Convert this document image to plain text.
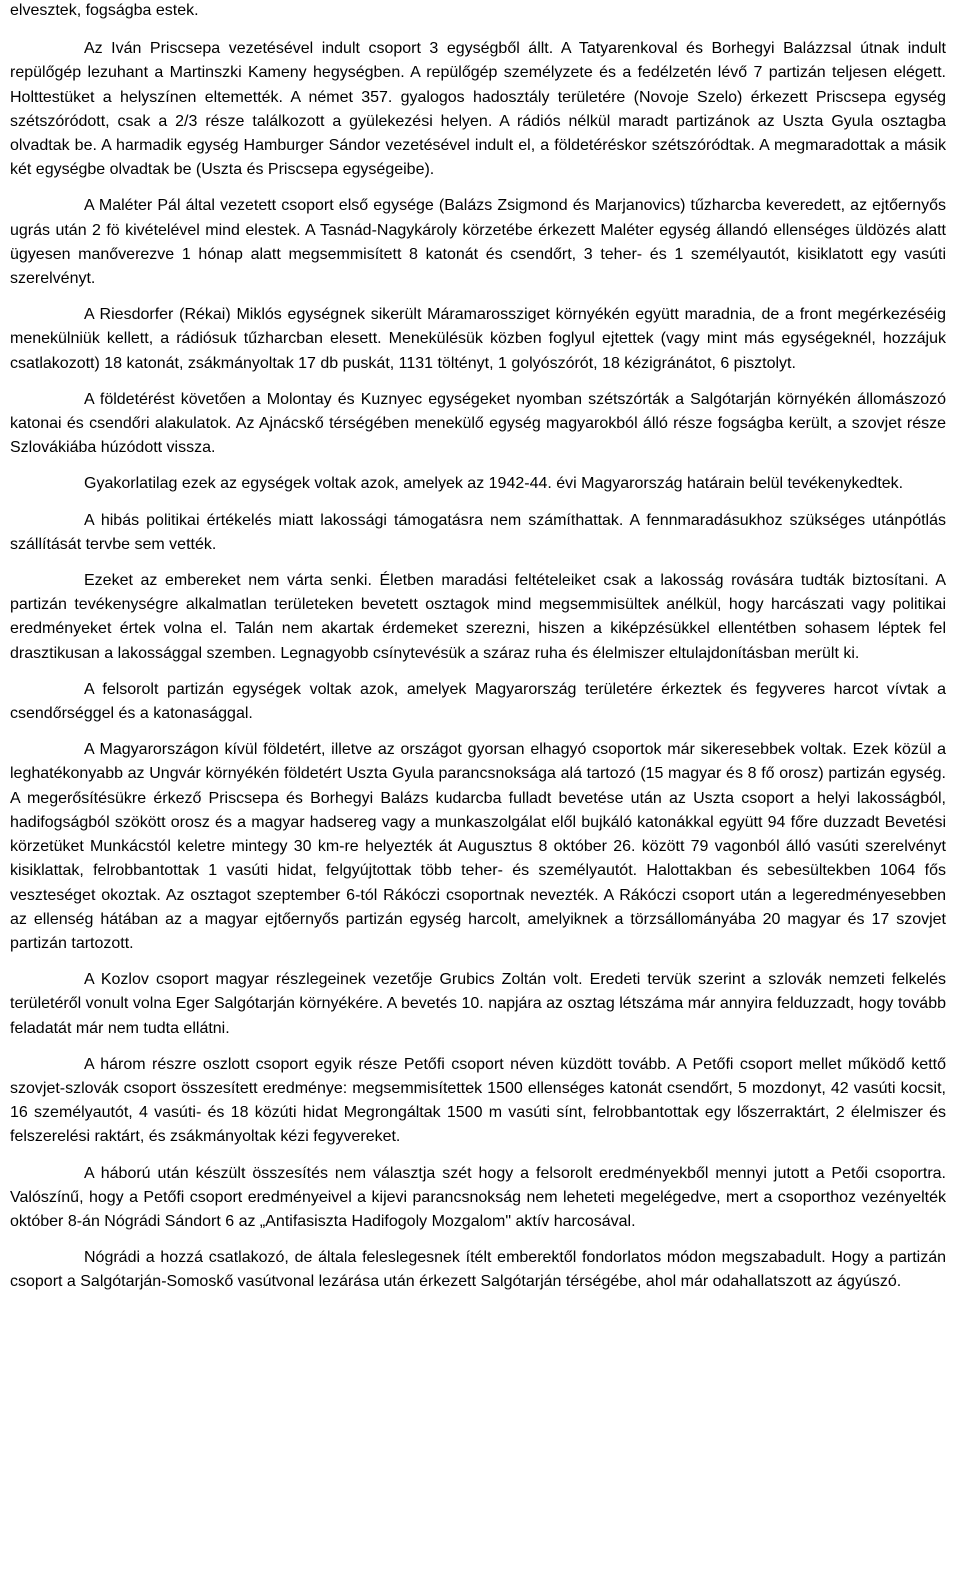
elvesztek, fogságba estek.

Az Iván Priscsepa vezetésével indult csoport 3 egységből állt. A Tatyarenkoval és Borhegyi Balázzsal útnak indult repülőgép lezuhant a Martinszki Kameny hegységben. A repülőgép személyzete és a fedélzetén lévő 7 partizán teljesen elégett. Holttestüket a helyszínen eltemették. A német 357. gyalogos hadosztály területére (Novoje Szelo) érkezett Priscsepa egység szétszóródott, csak a 2/3 része találkozott a gyülekezési helyen. A rádiós nélkül maradt partizánok az Uszta Gyula osztagba olvadtak be. A harmadik egység Hamburger Sándor vezetésével indult el, a földetéréskor szétszóródtak. A megmaradottak a másik két egységbe olvadtak be (Uszta és Priscsepa egységeibe).

A Maléter Pál által vezetett csoport első egysége (Balázs Zsigmond és Marjanovics) tűzharcba keveredett, az ejtőernyős ugrás után 2 fö kivételével mind elestek. A Tasnád-Nagykároly körzetébe érkezett Maléter egység állandó ellenséges üldözés alatt ügyesen manőverezve 1 hónap alatt megsemmisített 8 katonát és csendőrt, 3 teher- és 1 személyautót, kisiklatott egy vasúti szerelvényt.

A Riesdorfer (Rékai) Miklós egységnek sikerült Máramarossziget környékén együtt maradnia, de a front megérkezéséig menekülniük kellett, a rádiósuk tűzharcban elesett. Menekülésük közben foglyul ejtettek (vagy mint más egységeknél, hozzájuk csatlakozott) 18 katonát, zsákmányoltak 17 db puskát, 1131 töltényt, 1 golyószórót, 18 kézigránátot, 6 pisztolyt.

A földetérést követően a Molontay és Kuznyec egységeket nyomban szétszórták a Salgótarján környékén állomászozó katonai és csendőri alakulatok. Az Ajnácskő térségében menekülő egység magyarokból álló része fogságba került, a szovjet része Szlovákiába húzódott vissza.

Gyakorlatilag ezek az egységek voltak azok, amelyek az 1942-44. évi Magyarország határain belül tevékenykedtek.

A hibás politikai értékelés miatt lakossági támogatásra nem számíthattak. A fennmaradásukhoz szükséges utánpótlás szállítását tervbe sem vették.

Ezeket az embereket nem várta senki. Életben maradási feltételeiket csak a lakosság rovására tudták biztosítani. A partizán tevékenységre alkalmatlan területeken bevetett osztagok mind megsemmisültek anélkül, hogy harcászati vagy politikai eredményeket értek volna el. Talán nem akartak érdemeket szerezni, hiszen a kiképzésükkel ellentétben sohasem léptek fel drasztikusan a lakossággal szemben. Legnagyobb csínytevésük a száraz ruha és élelmiszer eltulajdonításban merült ki.

A felsorolt partizán egységek voltak azok, amelyek Magyarország területére érkeztek és fegyveres harcot vívtak a csendőrséggel és a katonasággal.

A Magyarországon kívül földetért, illetve az országot gyorsan elhagyó csoportok már sikeresebbek voltak. Ezek közül a leghatékonyabb az Ungvár környékén földetért Uszta Gyula parancsnoksága alá tartozó (15 magyar és 8 fő orosz) partizán egység. A megerősítésükre érkező Priscsepa és Borhegyi Balázs kudarcba fulladt bevetése után az Uszta csoport a helyi lakosságból, hadifogságból szökött orosz és a magyar hadsereg vagy a munkaszolgálat elől bujkáló katonákkal együtt 94 főre duzzadt Bevetési körzetüket Munkácstól keletre mintegy 30 km-re helyezték át Augusztus 8 október 26. között 79 vagonból álló vasúti szerelvényt kisiklattak, felrobbantottak 1 vasúti hidat, felgyújtottak több teher- és személyautót. Halottakban és sebesültekben 1064 fős veszteséget okoztak. Az osztagot szeptember 6-tól Rákóczi csoportnak nevezték. A Rákóczi csoport után a legeredményesebben az ellenség hátában az a magyar ejtőernyős partizán egység harcolt, amelyiknek a törzsállományába 20 magyar és 17 szovjet partizán tartozott.

A Kozlov csoport magyar részlegeinek vezetője Grubics Zoltán volt. Eredeti tervük szerint a szlovák nemzeti felkelés területéről vonult volna Eger Salgótarján környékére. A bevetés 10. napjára az osztag létszáma már annyira felduzzadt, hogy tovább feladatát már nem tudta ellátni.

A három részre oszlott csoport egyik része Petőfi csoport néven küzdött tovább. A Petőfi csoport mellet működő kettő szovjet-szlovák csoport összesített eredménye: megsemmisítettek 1500 ellenséges katonát csendőrt, 5 mozdonyt, 42 vasúti kocsit, 16 személyautót, 4 vasúti- és 18 közúti hidat Megrongáltak 1500 m vasúti sínt, felrobbantottak egy lőszerraktárt, 2 élelmiszer és felszerelési raktárt, és zsákmányoltak kézi fegyvereket.

A háború után készült összesítés nem választja szét hogy a felsorolt eredményekből mennyi jutott a Petői csoportra. Valószínű, hogy a Petőfi csoport eredményeivel a kijevi parancsnokság nem leheteti megelégedve, mert a csoporthoz vezényelték október 8-án Nógrádi Sándort 6 az „Antifasiszta Hadifogoly Mozgalom" aktív harcosával.

Nógrádi a hozzá csatlakozó, de általa feleslegesnek ítélt emberektől fondorlatos módon megszabadult. Hogy a partizán csoport a Salgótarján-Somoskő vasútvonal lezárása után érkezett Salgótarján térségébe, ahol már odahallatszott az ágyúszó.
